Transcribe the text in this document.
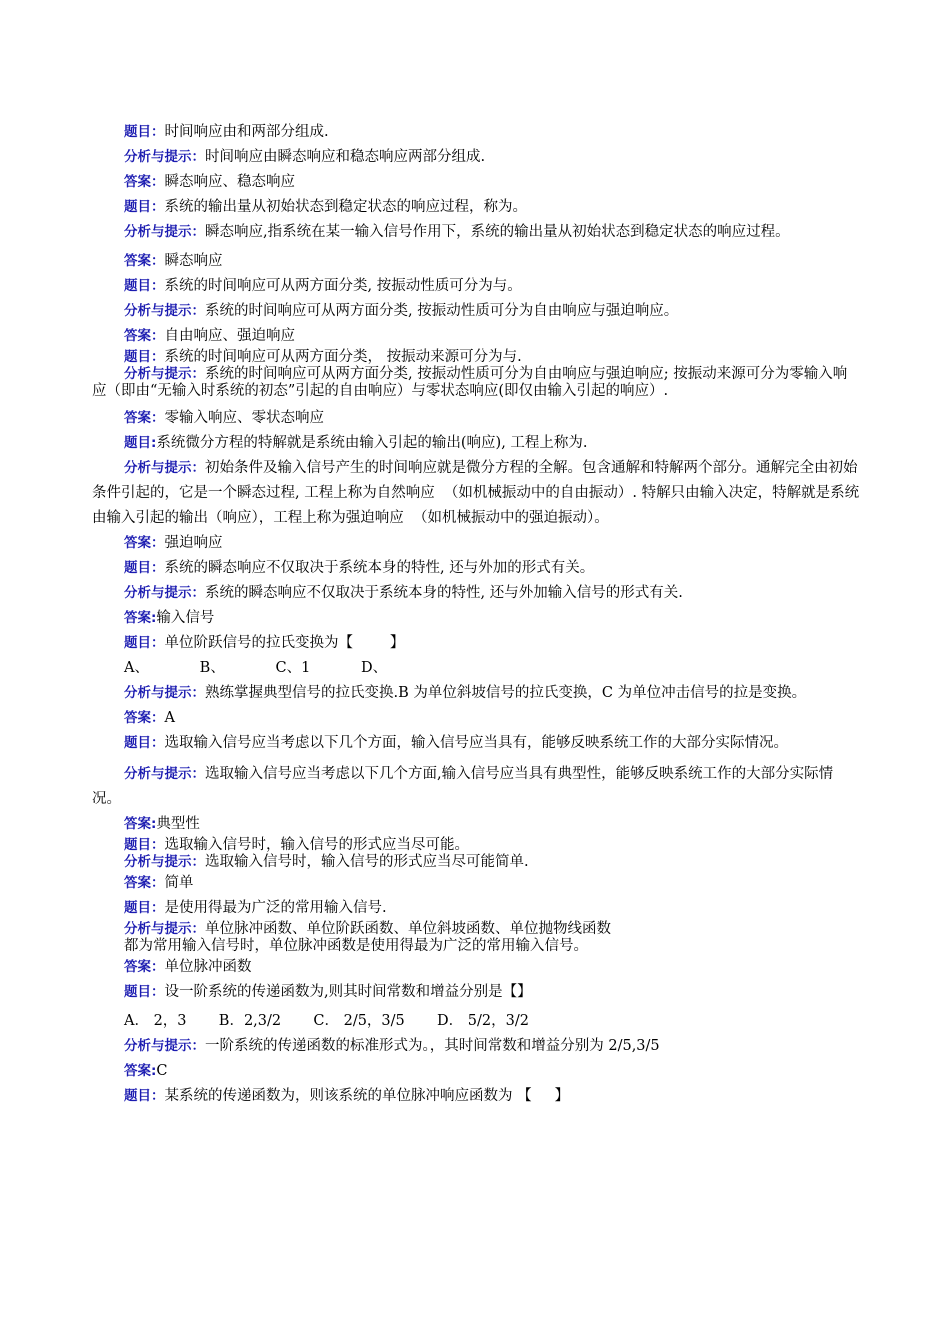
题目：时间响应由和两部分组成.

分析与提示：时间响应由瞬态响应和稳态响应两部分组成.

答案：瞬态响应、稳态响应

题目：系统的输出量从初始状态到稳定状态的响应过程，称为。

分析与提示：瞬态响应,指系统在某一输入信号作用下，系统的输出量从初始状态到稳定状态的响应过程。

答案：瞬态响应

题目：系统的时间响应可从两方面分类, 按振动性质可分为与。

分析与提示：系统的时间响应可从两方面分类, 按振动性质可分为自由响应与强迫响应。

答案：自由响应、强迫响应

题目：系统的时间响应可从两方面分类， 按振动来源可分为与.

分析与提示：系统的时间响应可从两方面分类, 按振动性质可分为自由响应与强迫响应; 按振动来源可分为零输入响应（即由“无输入时系统的初态”引起的自由响应）与零状态响应(即仅由输入引起的响应）.

答案：零输入响应、零状态响应

题目:系统微分方程的特解就是系统由输入引起的输出(响应), 工程上称为.

分析与提示：初始条件及输入信号产生的时间响应就是微分方程的全解。包含通解和特解两个部分。通解完全由初始条件引起的，它是一个瞬态过程, 工程上称为自然响应  （如机械振动中的自由振动）. 特解只由输入决定，特解就是系统由输入引起的输出（响应），工程上称为强迫响应  （如机械振动中的强迫振动）。

答案：强迫响应

题目：系统的瞬态响应不仅取决于系统本身的特性, 还与外加的形式有关。

分析与提示：系统的瞬态响应不仅取决于系统本身的特性, 还与外加输入信号的形式有关.

答案:输入信号

题目：单位阶跃信号的拉氏变换为【        】

A、           B、           C、1           D、

分析与提示：熟练掌握典型信号的拉氏变换.B 为单位斜坡信号的拉氏变换，C 为单位冲击信号的拉是变换。

答案：A

题目：选取输入信号应当考虑以下几个方面，输入信号应当具有，能够反映系统工作的大部分实际情况。

分析与提示：选取输入信号应当考虑以下几个方面,输入信号应当具有典型性，能够反映系统工作的大部分实际情况。

答案:典型性

题目：选取输入信号时，输入信号的形式应当尽可能。

分析与提示：选取输入信号时，输入信号的形式应当尽可能简单.

答案：简单

题目：是使用得最为广泛的常用输入信号.

分析与提示：单位脉冲函数、单位阶跃函数、单位斜坡函数、单位抛物线函数

都为常用输入信号时，单位脉冲函数是使用得最为广泛的常用输入信号。

答案：单位脉冲函数

题目：设一阶系统的传递函数为,则其时间常数和增益分别是【】

A． 2，3       B．2,3/2       C． 2/5，3/5       D． 5/2，3/2

分析与提示：一阶系统的传递函数的标准形式为。，其时间常数和增益分别为 2/5,3/5

答案:C

题目：某系统的传递函数为，则该系统的单位脉冲响应函数为 【     】
